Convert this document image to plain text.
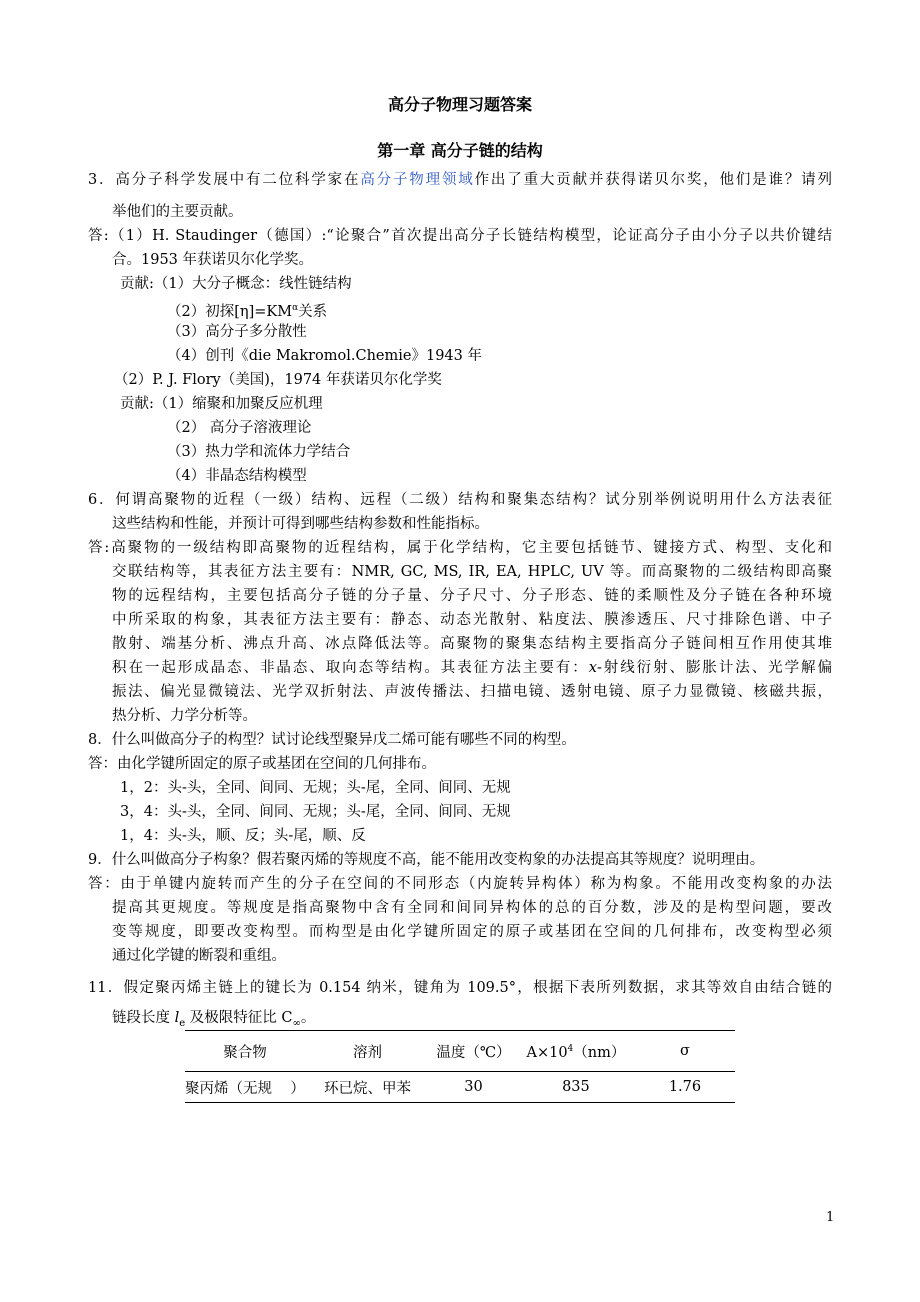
高分子物理习题答案
第一章 高分子链的结构
3．高分子科学发展中有二位科学家在高分子物理领域作出了重大贡献并获得诺贝尔奖，他们是谁？请列
举他们的主要贡献。
答:（1）H. Staudinger（德国）:“论聚合”首次提出高分子长链结构模型，论证高分子由小分子以共价键结
合。1953 年获诺贝尔化学奖。
贡献:（1）大分子概念：线性链结构
（2）初探$[\eta]=KM^\alpha$关系
（3）高分子多分散性
（4）创刊《die Makromol.Chemie》1943 年
（2）P. J. Flory（美国)，1974 年获诺贝尔化学奖
贡献:（1）缩聚和加聚反应机理
（2） 高分子溶液理论
（3）热力学和流体力学结合
（4）非晶态结构模型
6．何谓高聚物的近程（一级）结构、远程（二级）结构和聚集态结构？试分别举例说明用什么方法表征
这些结构和性能，并预计可得到哪些结构参数和性能指标。
答:高聚物的一级结构即高聚物的近程结构，属于化学结构，它主要包括链节、键接方式、构型、支化和
交联结构等，其表征方法主要有：NMR, GC, MS, IR, EA, HPLC, UV 等。而高聚物的二级结构即高聚
物的远程结构，主要包括高分子链的分子量、分子尺寸、分子形态、链的柔顺性及分子链在各种环境
中所采取的构象，其表征方法主要有：静态、动态光散射、粘度法、膜渗透压、尺寸排除色谱、中子
散射、端基分析、沸点升高、冰点降低法等。高聚物的聚集态结构主要指高分子链间相互作用使其堆
积在一起形成晶态、非晶态、取向态等结构。其表征方法主要有：x-射线衍射、膨胀计法、光学解偏
振法、偏光显微镜法、光学双折射法、声波传播法、扫描电镜、透射电镜、原子力显微镜、核磁共振，
热分析、力学分析等。
8．什么叫做高分子的构型？试讨论线型聚异戊二烯可能有哪些不同的构型。
答：由化学键所固定的原子或基团在空间的几何排布。
1，2：头-头，全同、间同、无规；头-尾，全同、间同、无规
3，4：头-头，全同、间同、无规；头-尾，全同、间同、无规
1，4：头-头，顺、反；头-尾，顺、反
9．什么叫做高分子构象？假若聚丙烯的等规度不高，能不能用改变构象的办法提高其等规度？说明理由。
答：由于单键内旋转而产生的分子在空间的不同形态（内旋转异构体）称为构象。不能用改变构象的办法
提高其更规度。等规度是指高聚物中含有全同和间同异构体的总的百分数，涉及的是构型问题，要改
变等规度，即要改变构型。而构型是由化学键所固定的原子或基团在空间的几何排布，改变构型必须
通过化学键的断裂和重组。
11．假定聚丙烯主链上的键长为 0.154 纳米，键角为 109.5°，根据下表所列数据，求其等效自由结合链的
链段长度 $l_e$ 及极限特征比 $C_\infty$。
聚合物	溶剂	温度（℃）	$A\times 10^4(nm)$	σ
聚丙烯（无规    ）	环已烷、甲苯	30	835	1.76
1
